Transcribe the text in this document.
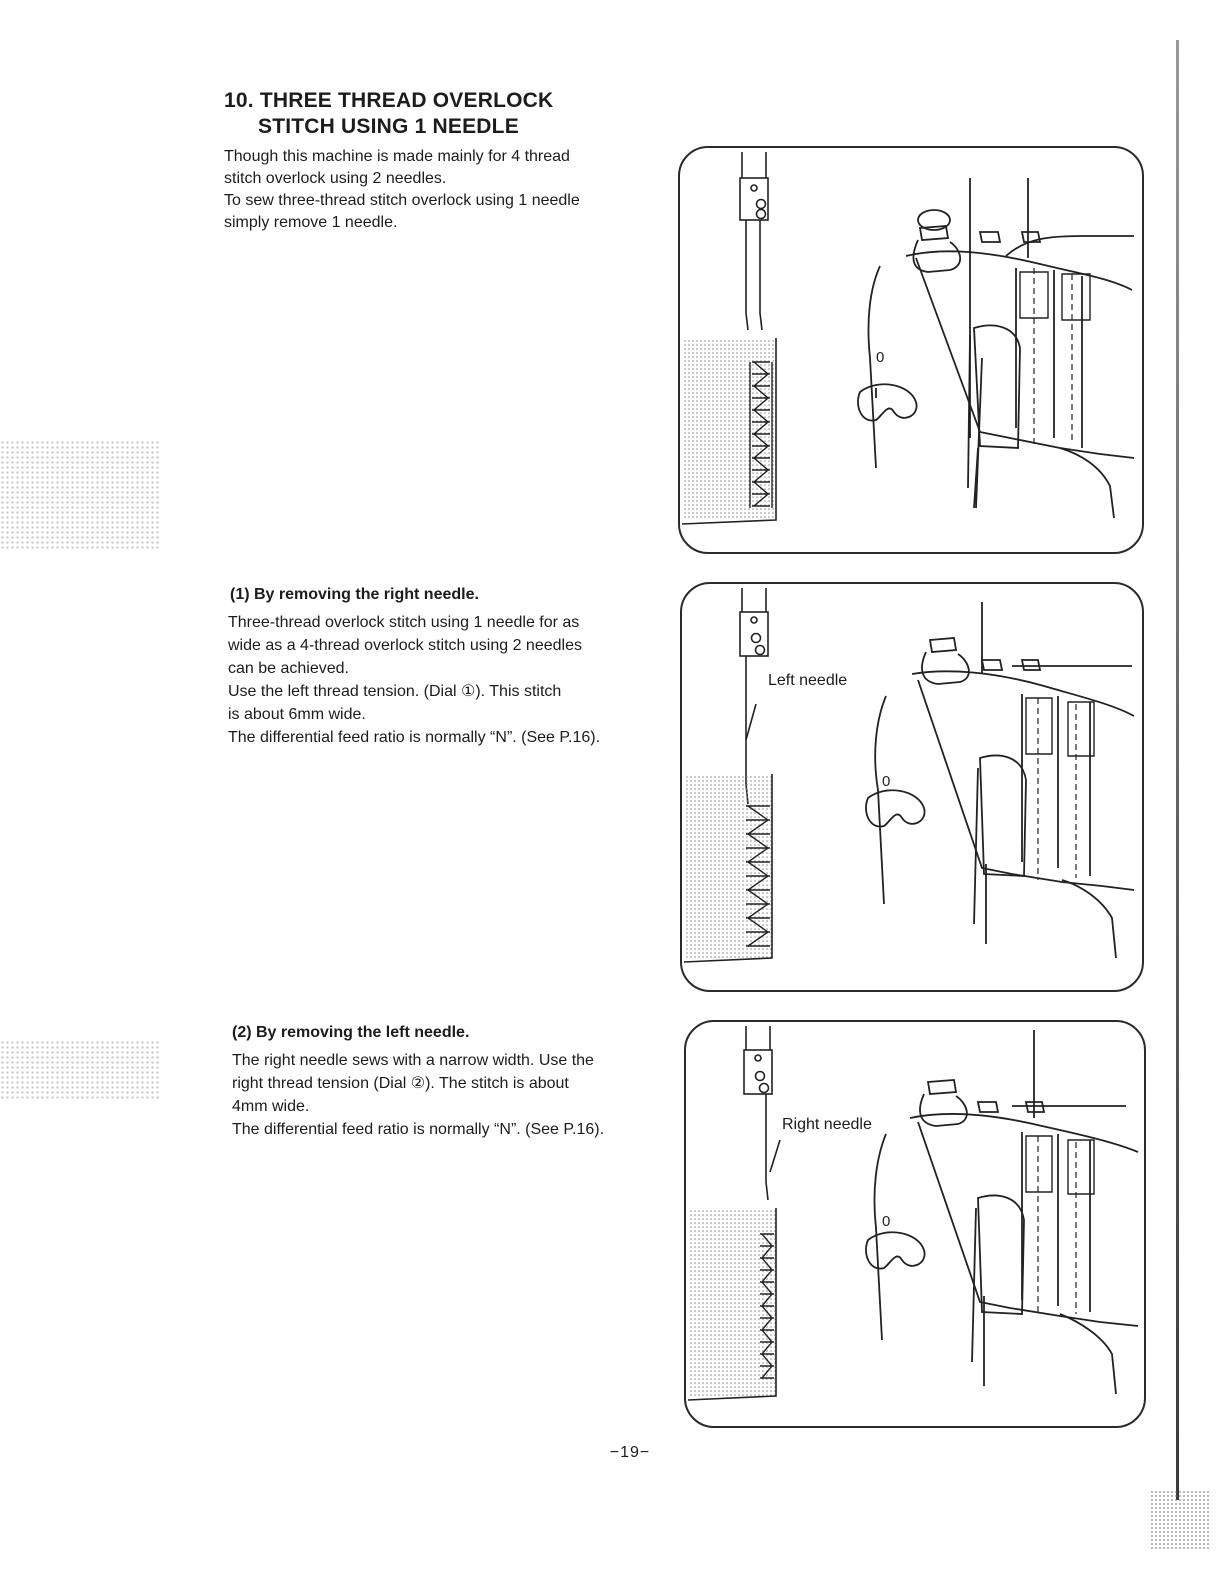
10. THREE THREAD OVERLOCK
STITCH USING 1 NEEDLE
Though this machine is made mainly for 4 thread
stitch overlock using 2 needles.
To sew three-thread stitch overlock using 1 needle
simply remove 1 needle.
(1) By removing the right needle.
Three-thread overlock stitch using 1 needle for as
wide as a 4-thread overlock stitch using 2 needles
can be achieved.
Use the left thread tension. (Dial ①). This stitch
is about 6mm wide.
The differential feed ratio is normally “N”. (See P.16).
(2) By removing the left needle.
The right needle sews with a narrow width. Use the
right thread tension (Dial ②). The stitch is about
4mm wide.
The differential feed ratio is normally “N”. (See P.16).
0
0
Left needle
0
Right needle
−19−
